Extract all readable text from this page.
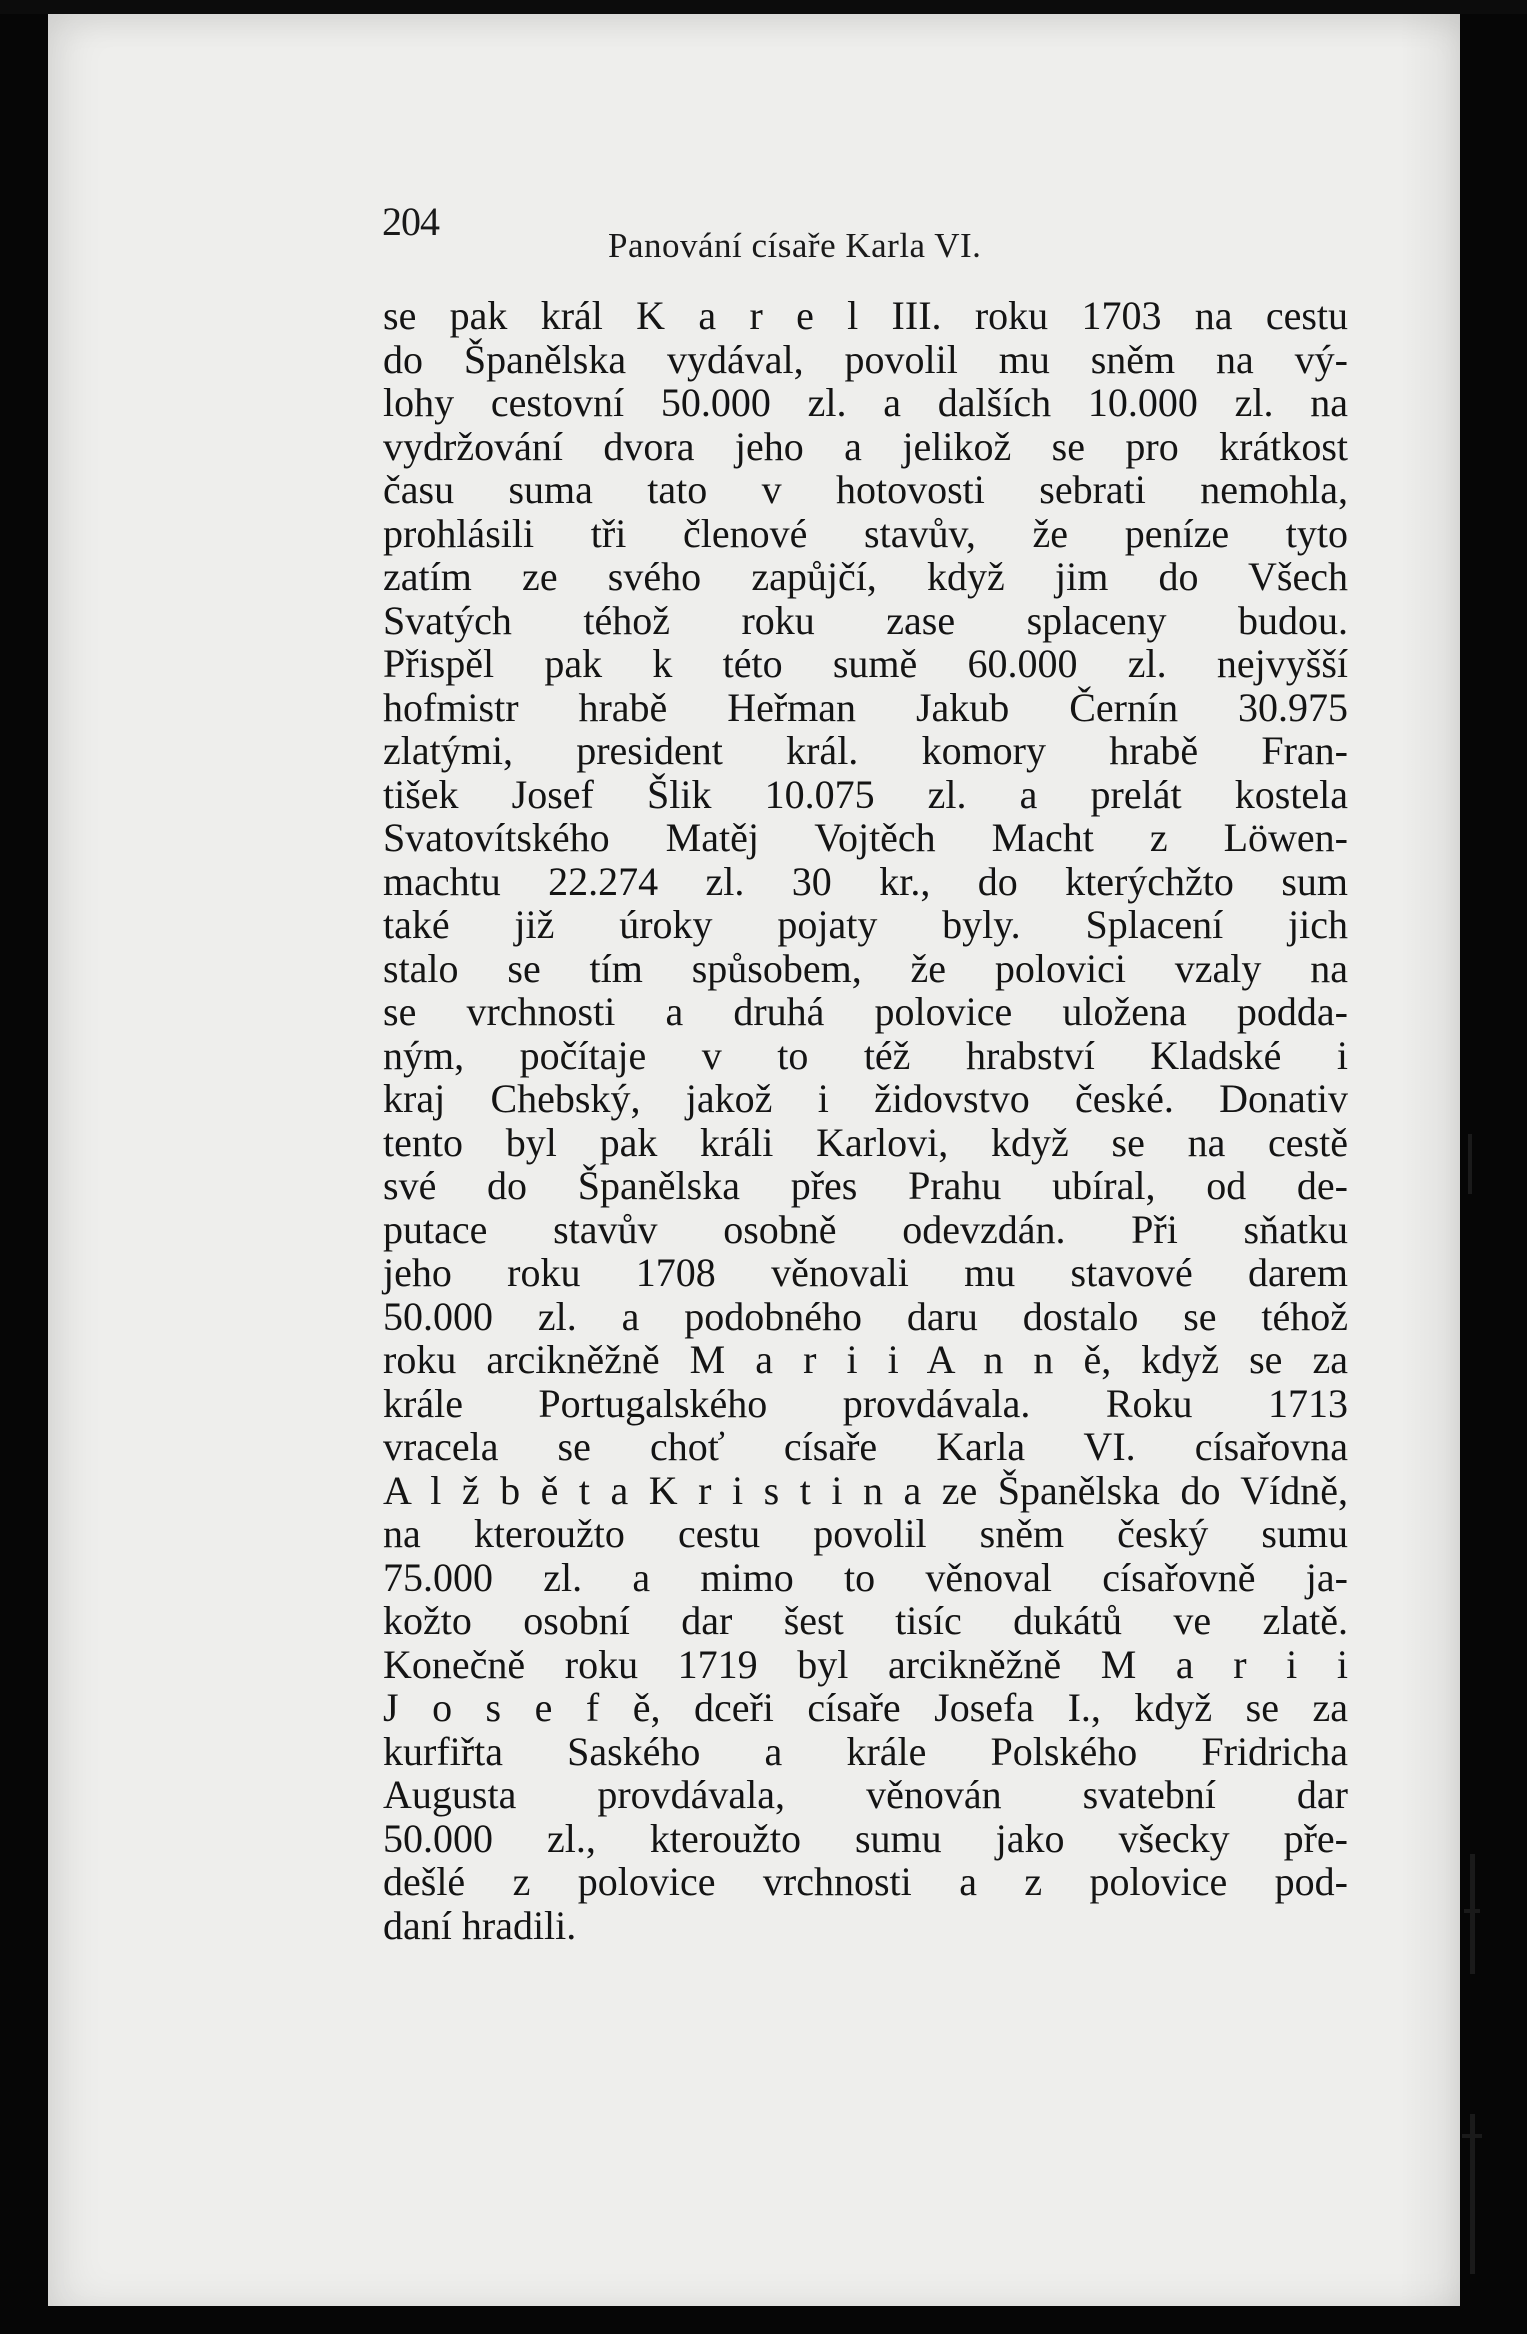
204
Panování císaře Karla VI.
se pak král K a r e l III. roku 1703 na cestu
do Španělska vydával, povolil mu sněm na vý-
lohy cestovní 50.000 zl. a dalších 10.000 zl. na
vydržování dvora jeho a jelikož se pro krátkost
času suma tato v hotovosti sebrati nemohla,
prohlásili tři členové stavův, že peníze tyto
zatím ze svého zapůjčí, když jim do Všech
Svatých téhož roku zase splaceny budou.
Přispěl pak k této sumě 60.000 zl. nejvyšší
hofmistr hrabě Heřman Jakub Černín 30.975
zlatými, president král. komory hrabě Fran-
tišek Josef Šlik 10.075 zl. a prelát kostela
Svatovítského Matěj Vojtěch Macht z Löwen-
machtu 22.274 zl. 30 kr., do kterýchžto sum
také již úroky pojaty byly. Splacení jich
stalo se tím spůsobem, že polovici vzaly na
se vrchnosti a druhá polovice uložena podda-
ným, počítaje v to též hrabství Kladské i
kraj Chebský, jakož i židovstvo české. Donativ
tento byl pak králi Karlovi, když se na cestě
své do Španělska přes Prahu ubíral, od de-
putace stavův osobně odevzdán. Při sňatku
jeho roku 1708 věnovali mu stavové darem
50.000 zl. a podobného daru dostalo se téhož
roku arcikněžně M a r i i A n n ě, když se za
krále Portugalského provdávala. Roku 1713
vracela se choť císaře Karla VI. císařovna
A l ž b ě t a K r i s t i n a ze Španělska do Vídně,
na kteroužto cestu povolil sněm český sumu
75.000 zl. a mimo to věnoval císařovně ja-
kožto osobní dar šest tisíc dukátů ve zlatě.
Konečně roku 1719 byl arcikněžně M a r i i
J o s e f ě, dceři císaře Josefa I., když se za
kurfiřta Saského a krále Polského Fridricha
Augusta provdávala, věnován svatební dar
50.000 zl., kteroužto sumu jako všecky pře-
dešlé z polovice vrchnosti a z polovice pod-
daní hradili.
